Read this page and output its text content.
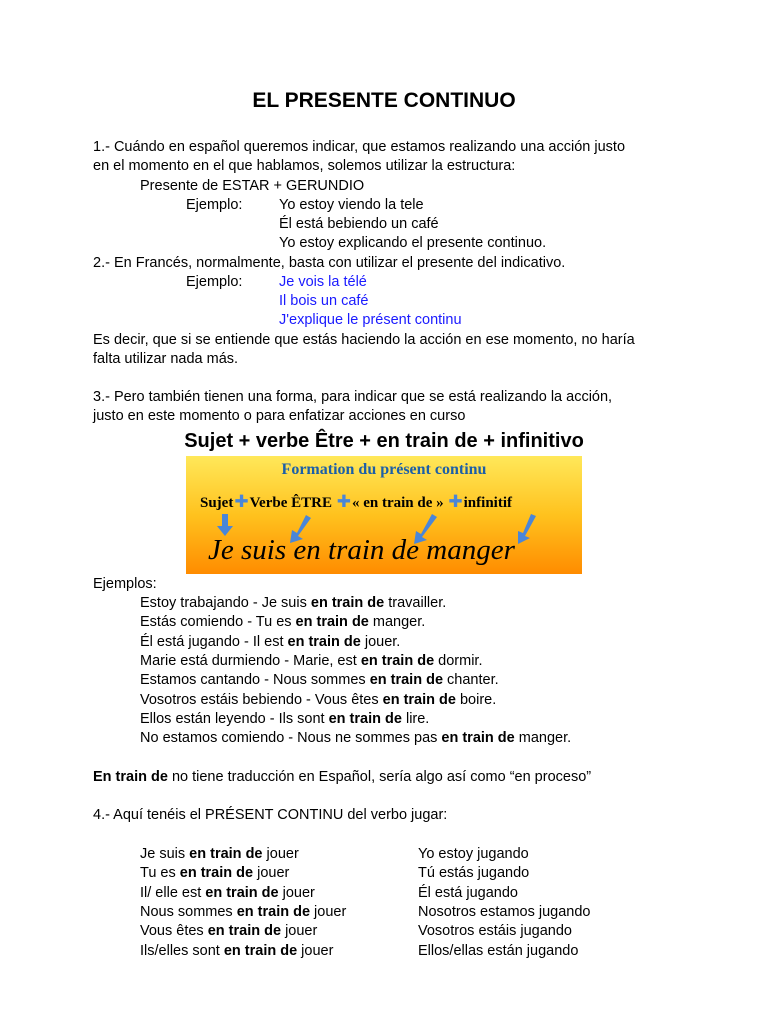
EL PRESENTE CONTINUO
1.- Cuándo en español queremos indicar, que estamos realizando una acción justo
en el momento en el que hablamos, solemos utilizar la estructura:
Presente de ESTAR + GERUNDIO
Ejemplo:	Yo estoy viendo la tele
Él está bebiendo un café
Yo estoy explicando el presente continuo.
2.- En Francés, normalmente, basta con utilizar el presente del indicativo.
Ejemplo:	Je vois la télé
Il bois un café
J'explique le présent continu
Es decir, que si se entiende que estás haciendo la acción en ese momento, no haría
falta utilizar nada más.
3.- Pero también tienen una forma, para indicar que se está realizando la acción,
justo en este momento o para enfatizar acciones en curso
Sujet + verbe Être + en train de + infinitivo
Formation du présent continu
Sujet✚Verbe ÊTRE ✚« en train de » ✚infinitif
Je suis en train de manger
Ejemplos:
Estoy trabajando - Je suis en train de travailler.
Estás comiendo - Tu es en train de manger.
Él está jugando - Il est en train de jouer.
Marie está durmiendo - Marie, est en train de dormir.
Estamos cantando - Nous sommes en train de chanter.
Vosotros estáis bebiendo - Vous êtes en train de boire.
Ellos están leyendo - Ils sont en train de lire.
No estamos comiendo - Nous ne sommes pas en train de manger.
En train de no tiene traducción en Español, sería algo así como “en proceso”
4.- Aquí tenéis el PRÉSENT CONTINU del verbo jugar:
Je suis en train de jouer	Yo estoy jugando
Tu es en train de jouer	Tú estás jugando
Il/ elle est en train de jouer	Él está jugando
Nous sommes en train de jouer	Nosotros estamos jugando
Vous êtes en train de jouer	Vosotros estáis jugando
Ils/elles sont en train de jouer	Ellos/ellas están jugando
